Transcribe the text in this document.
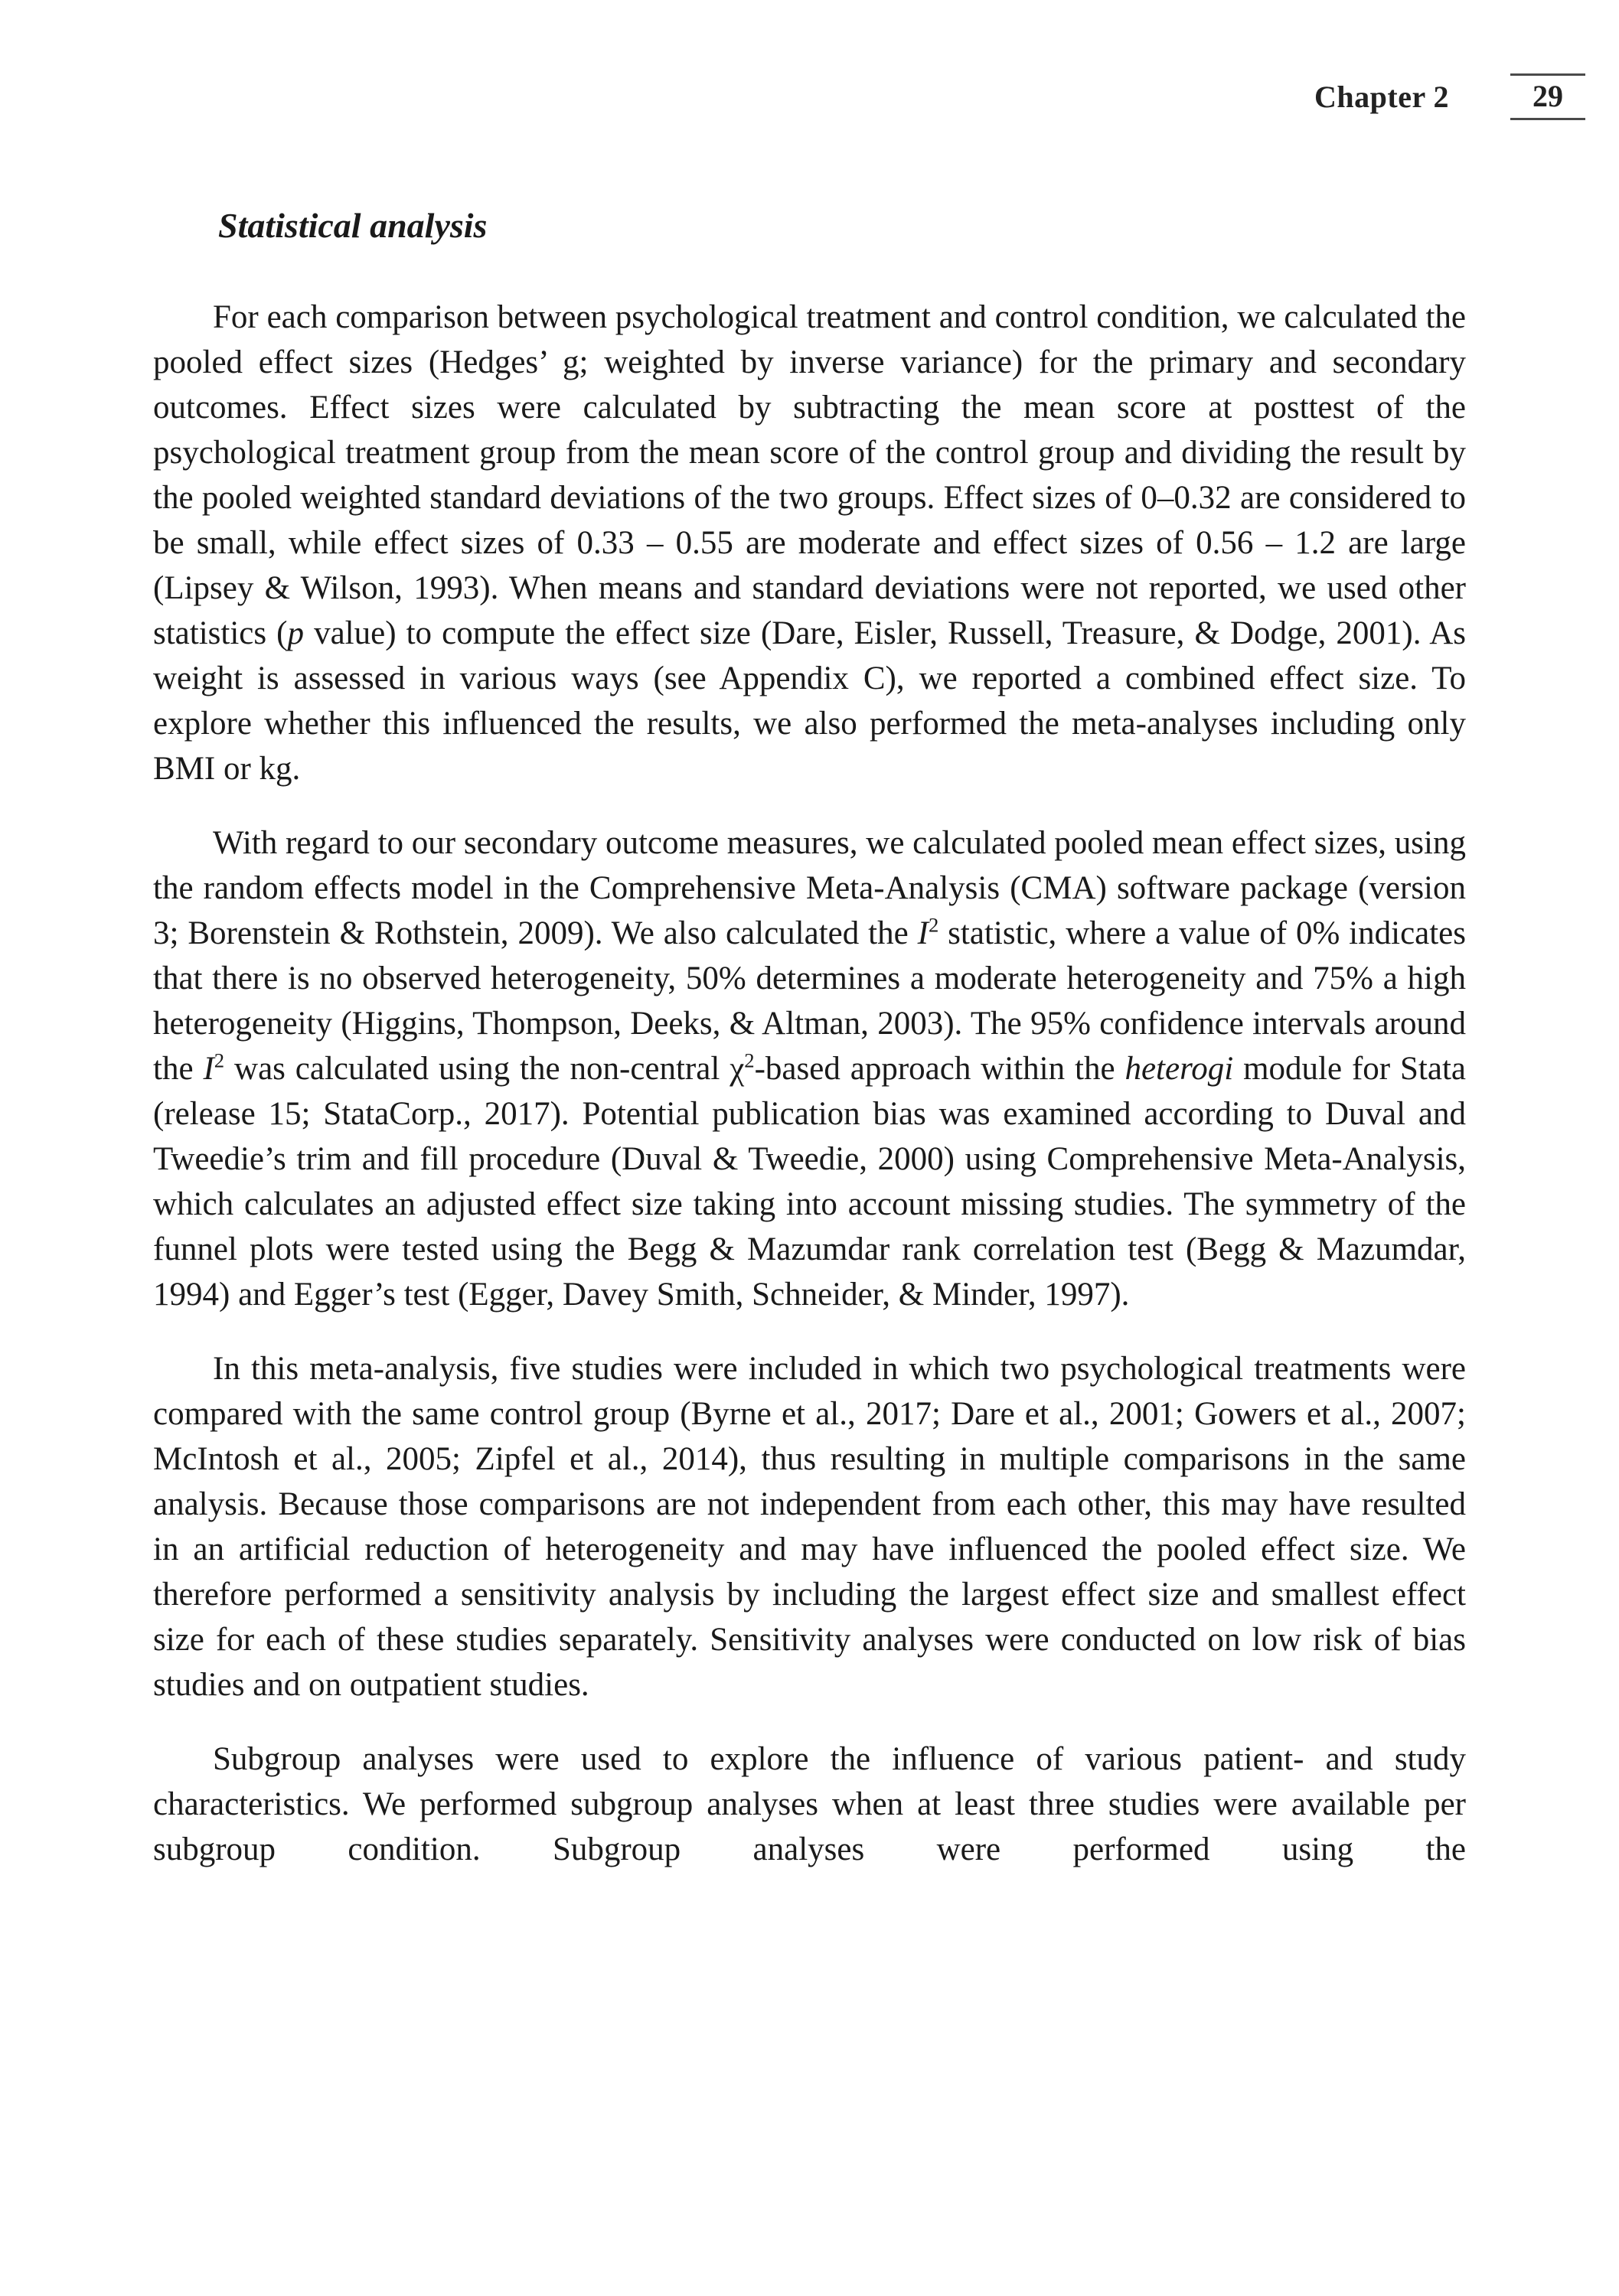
Chapter 2	29
Statistical analysis

For each comparison between psychological treatment and control condition, we calculated the pooled effect sizes (Hedges’ g; weighted by inverse variance) for the primary and secondary outcomes. Effect sizes were calculated by subtracting the mean score at posttest of the psychological treatment group from the mean score of the control group and dividing the result by the pooled weighted standard deviations of the two groups. Effect sizes of 0–0.32 are considered to be small, while effect sizes of 0.33 – 0.55 are moderate and effect sizes of 0.56 – 1.2 are large (Lipsey & Wilson, 1993). When means and standard deviations were not reported, we used other statistics (p value) to compute the effect size (Dare, Eisler, Russell, Treasure, & Dodge, 2001). As weight is assessed in various ways (see Appendix C), we reported a combined effect size. To explore whether this influenced the results, we also performed the meta-analyses including only BMI or kg.

With regard to our secondary outcome measures, we calculated pooled mean effect sizes, using the random effects model in the Comprehensive Meta-Analysis (CMA) software package (version 3; Borenstein & Rothstein, 2009). We also calculated the $I^2$ statistic, where a value of 0% indicates that there is no observed heterogeneity, 50% determines a moderate heterogeneity and 75% a high heterogeneity (Higgins, Thompson, Deeks, & Altman, 2003). The 95% confidence intervals around the $I^2$ was calculated using the non-central $\chi^2$-based approach within the heterogi module for Stata (release 15; StataCorp., 2017). Potential publication bias was examined according to Duval and Tweedie’s trim and fill procedure (Duval & Tweedie, 2000) using Comprehensive Meta-Analysis, which calculates an adjusted effect size taking into account missing studies. The symmetry of the funnel plots were tested using the Begg & Mazumdar rank correlation test (Begg & Mazumdar, 1994) and Egger’s test (Egger, Davey Smith, Schneider, & Minder, 1997).

In this meta-analysis, five studies were included in which two psychological treatments were compared with the same control group (Byrne et al., 2017; Dare et al., 2001; Gowers et al., 2007; McIntosh et al., 2005; Zipfel et al., 2014), thus resulting in multiple comparisons in the same analysis. Because those comparisons are not independent from each other, this may have resulted in an artificial reduction of heterogeneity and may have influenced the pooled effect size. We therefore performed a sensitivity analysis by including the largest effect size and smallest effect size for each of these studies separately. Sensitivity analyses were conducted on low risk of bias studies and on outpatient studies.

Subgroup analyses were used to explore the influence of various patient- and study characteristics. We performed subgroup analyses when at least three studies were available per subgroup condition. Subgroup analyses were performed using the
